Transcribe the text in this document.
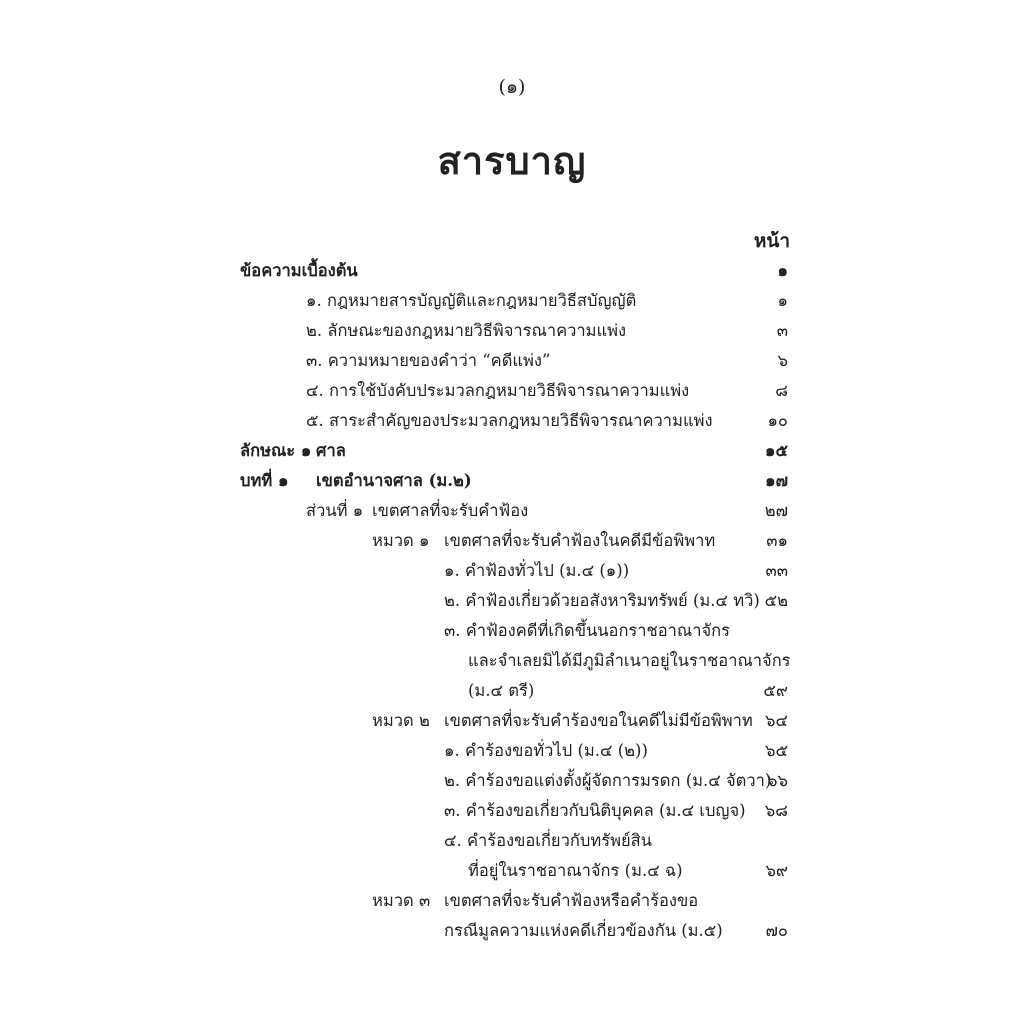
(๑)
สารบาญ
หน้า
ข้อความเบื้องต้น	๑
๑. กฎหมายสารบัญญัติและกฎหมายวิธีสบัญญัติ	๑
๒. ลักษณะของกฎหมายวิธีพิจารณาความแพ่ง	๓
๓. ความหมายของคำว่า “คดีแพ่ง”	๖
๔. การใช้บังคับประมวลกฎหมายวิธีพิจารณาความแพ่ง	๘
๕. สาระสำคัญของประมวลกฎหมายวิธีพิจารณาความแพ่ง	๑๐
ลักษณะ ๑ ศาล	๑๕
บทที่ ๑ เขตอำนาจศาล (ม.๒)	๑๗
ส่วนที่ ๑ เขตศาลที่จะรับคำฟ้อง	๒๗
หมวด ๑ เขตศาลที่จะรับคำฟ้องในคดีมีข้อพิพาท	๓๑
๑. คำฟ้องทั่วไป (ม.๔ (๑))	๓๓
๒. คำฟ้องเกี่ยวด้วยอสังหาริมทรัพย์ (ม.๔ ทวิ) ๕๒
๓. คำฟ้องคดีที่เกิดขึ้นนอกราชอาณาจักร
และจำเลยมิได้มีภูมิลำเนาอยู่ในราชอาณาจักร
(ม.๔ ตรี)	๕๙
หมวด ๒ เขตศาลที่จะรับคำร้องขอในคดีไม่มีข้อพิพาท ๖๔
๑. คำร้องขอทั่วไป (ม.๔ (๒))	๖๕
๒. คำร้องขอแต่งตั้งผู้จัดการมรดก (ม.๔ จัตวา)
๖๖
๓. คำร้องขอเกี่ยวกับนิติบุคคล (ม.๔ เบญจ)	๖๘
๔. คำร้องขอเกี่ยวกับทรัพย์สิน
ที่อยู่ในราชอาณาจักร (ม.๔ ฉ)	๖๙
หมวด ๓ เขตศาลที่จะรับคำฟ้องหรือคำร้องขอ
กรณีมูลความแห่งคดีเกี่ยวข้องกัน (ม.๕)	๗๐
